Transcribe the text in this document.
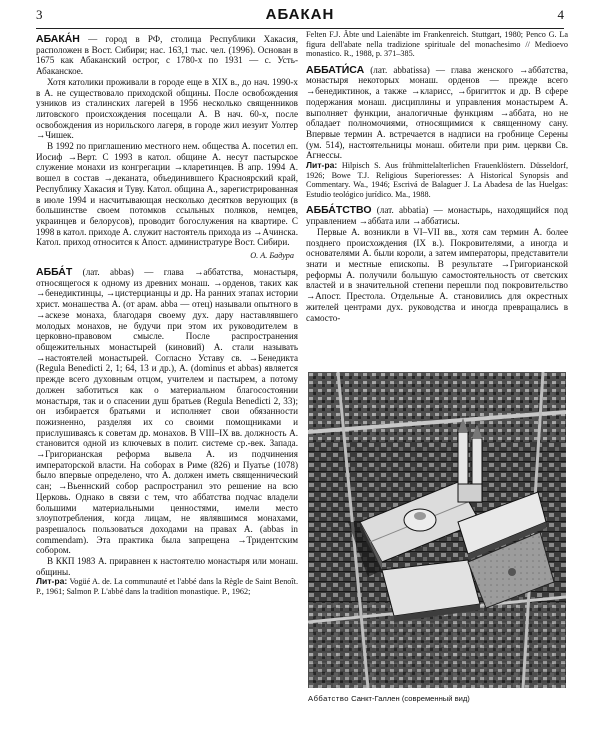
3	АБАКАН	4

АБАКА́Н — город в РФ, столица Республики Хакасия, расположен в Вост. Сибири; нас. 163,1 тыс. чел. (1996). Основан в 1675 как Абаканский острог, с 1780-х по 1931 — с. Усть-Абаканское.

Хотя католики проживали в городе еще в XIX в., до нач. 1990-х в А. не существовало приходской общины. После освобождения узников из сталинских лагерей в 1956 несколько священников литовского происхождения посещали А. В нач. 60-х, после освобождения из норильского лагеря, в городе жил иезуит Уолтер →Чишек.

В 1992 по приглашению местного нем. общества А. посетил еп. Иосиф →Верт. С 1993 в катол. общине А. несут пастырское служение монахи из конгрегации →кларетинцев. В апр. 1994 А. вошел в состав →деканата, объединившего Красноярский край, Республику Хакасия и Туву. Катол. община А., зарегистрированная в июле 1994 и насчитывающая несколько десятков верующих (в большинстве своем потомков ссыльных поляков, немцев, украинцев и белорусов), проводит богослужения на квартире. С 1998 в катол. приходе А. служит настоятель прихода из →Ачинска. Катол. приход относится к Апост. администратуре Вост. Сибири.

О. А. Бадура

АББА́Т (лат. abbas) — глава →аббатства, монастыря, относящегося к одному из древних монаш. →орденов, таких как →бенедиктинцы, →цистерцианцы и др. На ранних этапах истории христ. монашества А. (от арам. abba — отец) называли опытного в →аскезе монаха, благодаря своему дух. дару наставлявшего молодых монахов, не будучи при этом их руководителем в церковно-правовом смысле. После распространения общежительных монастырей (киновий) А. стали называть →настоятелей монастырей. Согласно Уставу св. →Бенедикта (Regula Benedicti 2, 1; 64, 13 и др.), А. (dominus et abbas) является прежде всего духовным отцом, учителем и пастырем, а потому должен заботиться как о материальном благосостоянии монастыря, так и о спасении душ братьев (Regula Benedicti 2, 33); он избирается братьями и исполняет свои обязанности пожизненно, разделяя их со своими помощниками и прислушиваясь к советам др. монахов. В VIII–IX вв. должность А. становится одной из ключевых в полит. системе ср.-век. Запада. →Григорианская реформа вывела А. из подчинения императорской власти. На соборах в Риме (826) и Пуатье (1078) было впервые определено, что А. должен иметь священнический сан; →Вьеннский собор распространил это решение на всю Церковь. Однако в связи с тем, что аббатства подчас владели большими материальными ценностями, имели место злоупотребления, когда лицам, не являвшимся монахами, разрешалось пользоваться доходами на правах А. (abbas in commendam). Эта практика была запрещена →Тридентским собором.

В ККП 1983 А. приравнен к настоятелю монастыря или монаш. общины.

Лит-ра: Vogüé A. de. La communauté et l'abbé dans la Règle de Saint Benoît. P., 1961; Salmon P. L'abbé dans la tradition monastique. P., 1962;

Felten F.J. Äbte und Laienäbte im Frankenreich. Stuttgart, 1980; Penco G. La figura dell'abate nella tradizione spirituale del monachesimo // Medioevo monastico. R., 1988, p. 371–385.

АББАТИ́СА (лат. abbatissa) — глава женского →аббатства, монастыря некоторых монаш. орденов — прежде всего →бенедиктинок, а также →кларисс, →бригитток и др. В сфере подержания монаш. дисциплины и управления монастырем А. выполняет функции, аналогичные функциям →аббата, но не обладает полномочиями, относящимися к священному сану. Впервые термин А. встречается в надписи на гробнице Серены (ум. 514), настоятельницы монаш. обители при рим. церкви Св. Агнессы.

Лит-ра: Hilpisch S. Aus frühmittelalterlichen Frauenklöstern. Düsseldorf, 1926; Bowe T.J. Religious Superioresses: A Historical Synopsis and Commentary. Wa., 1946; Escrivá de Balaguer J. La Abadesa de las Huelgas: Estudio teológico jurídico. Ma., 1988.

АББА́ТСТВО (лат. abbatia) — монастырь, находящийся под управлением →аббата или →аббатисы.

Первые А. возникли в VI–VII вв., хотя сам термин А. более позднего происхождения (IX в.). Покровителями, а иногда и основателями А. были короли, а затем императоры, представители знати и местные епископы. В результате →Григорианской реформы А. получили большую самостоятельность от светских властей и в значительной степени перешли под покровительство →Апост. Престола. Отдельные А. становились для окрестных жителей центрами дух. руководства и иногда превращались в самосто-

Аббатство Санкт-Галлен (современный вид)
